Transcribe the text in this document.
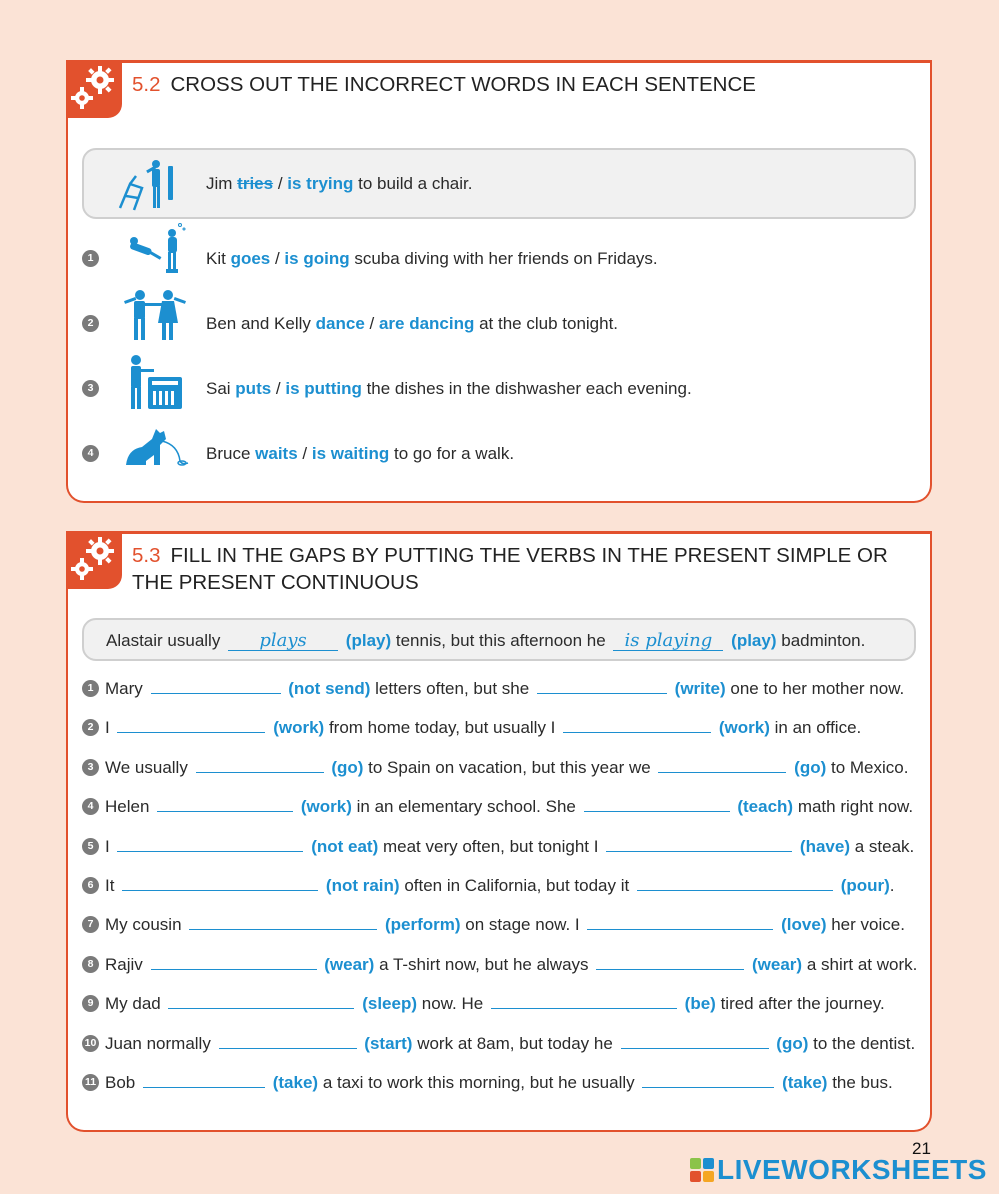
5.2 CROSS OUT THE INCORRECT WORDS IN EACH SENTENCE
Jim tries / is trying to build a chair.
1	Kit goes / is going scuba diving with her friends on Fridays.
2	Ben and Kelly dance / are dancing at the club tonight.
3	Sai puts / is putting the dishes in the dishwasher each evening.
4	Bruce waits / is waiting to go for a walk.
5.3 FILL IN THE GAPS BY PUTTING THE VERBS IN THE PRESENT SIMPLE OR
THE PRESENT CONTINUOUS
Alastair usually plays (play) tennis, but this afternoon he is playing (play) badminton.
1 Mary	(not send) letters often, but she	(write) one to her mother now.
2 I	(work) from home today, but usually I	(work) in an office.
3 We usually	(go) to Spain on vacation, but this year we	(go) to Mexico.
4 Helen	(work) in an elementary school. She	(teach) math right now.
5 I	(not eat) meat very often, but tonight I	(have) a steak.
6 It	(not rain) often in California, but today it	(pour).
7 My cousin	(perform) on stage now. I	(love) her voice.
8 Rajiv	(wear) a T-shirt now, but he always	(wear) a shirt at work.
9 My dad	(sleep) now. He	(be) tired after the journey.
10 Juan normally	(start) work at 8am, but today he	(go) to the dentist.
11 Bob	(take) a taxi to work this morning, but he usually	(take) the bus.
21
LIVEWORKSHEETS
